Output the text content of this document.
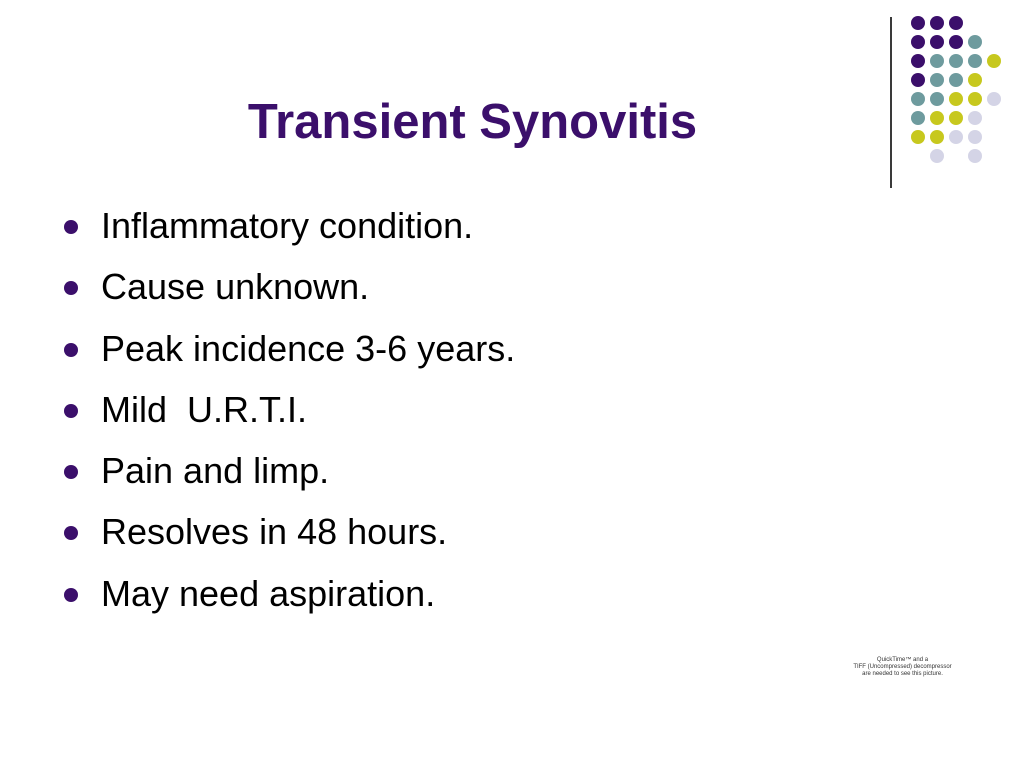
Transient Synovitis
Inflammatory condition.
Cause unknown.
Peak incidence 3-6 years.
Mild  U.R.T.I.
Pain and limp.
Resolves in 48 hours.
May need aspiration.
QuickTime™ and a
TIFF (Uncompressed) decompressor
are needed to see this picture.
